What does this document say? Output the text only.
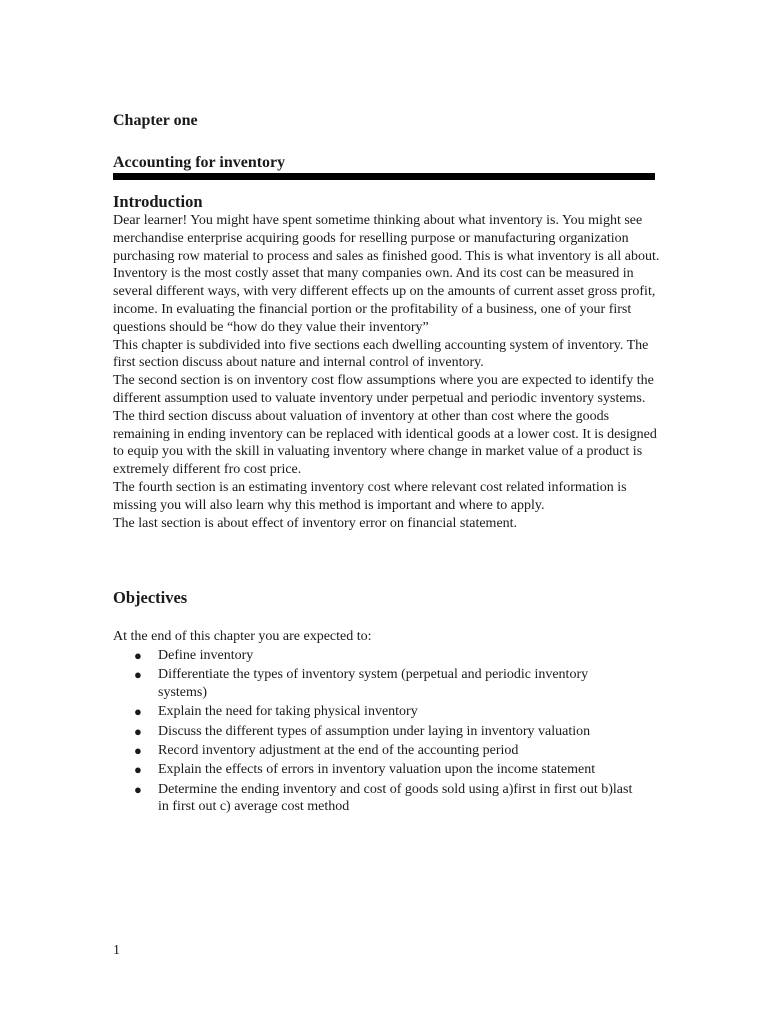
Chapter one
Accounting for inventory
Introduction

Dear learner! You might have spent sometime thinking about what inventory is. You might see merchandise enterprise acquiring goods for reselling purpose or manufacturing organization purchasing row material to process and sales as finished good. This is what inventory is all about.

Inventory is the most costly asset that many companies own. And its cost can be measured in several different ways, with very different effects up on the amounts of current asset gross profit, income. In evaluating the financial portion or the profitability of a business, one of your first questions should be “how do they value their inventory”

This chapter is subdivided into five sections each dwelling accounting system of inventory. The first section discuss about nature and internal control of inventory.

The second section is on inventory cost flow assumptions where you are expected to identify the different assumption used to valuate inventory under perpetual and periodic inventory systems.

The third section discuss about valuation of inventory at other than cost where the goods remaining in ending inventory can be replaced with identical goods at a lower cost. It is designed to equip you with the skill in valuating inventory where change in market value of a product is extremely different fro cost price.

The fourth section is an estimating inventory cost where relevant cost related information is missing you will also learn why this method is important and where to apply.

The last section is about effect of inventory error on financial statement.

Objectives

At the end of this chapter you are expected to:

● Define inventory
● Differentiate the types of inventory system (perpetual and periodic inventory systems)
● Explain the need for taking physical inventory
● Discuss the different types of assumption under laying in inventory valuation
● Record inventory adjustment at the end of the accounting period
● Explain the effects of errors in inventory valuation upon the income statement
● Determine the ending inventory and cost of goods sold using a)first in first out b)last in first out c) average cost method

1
